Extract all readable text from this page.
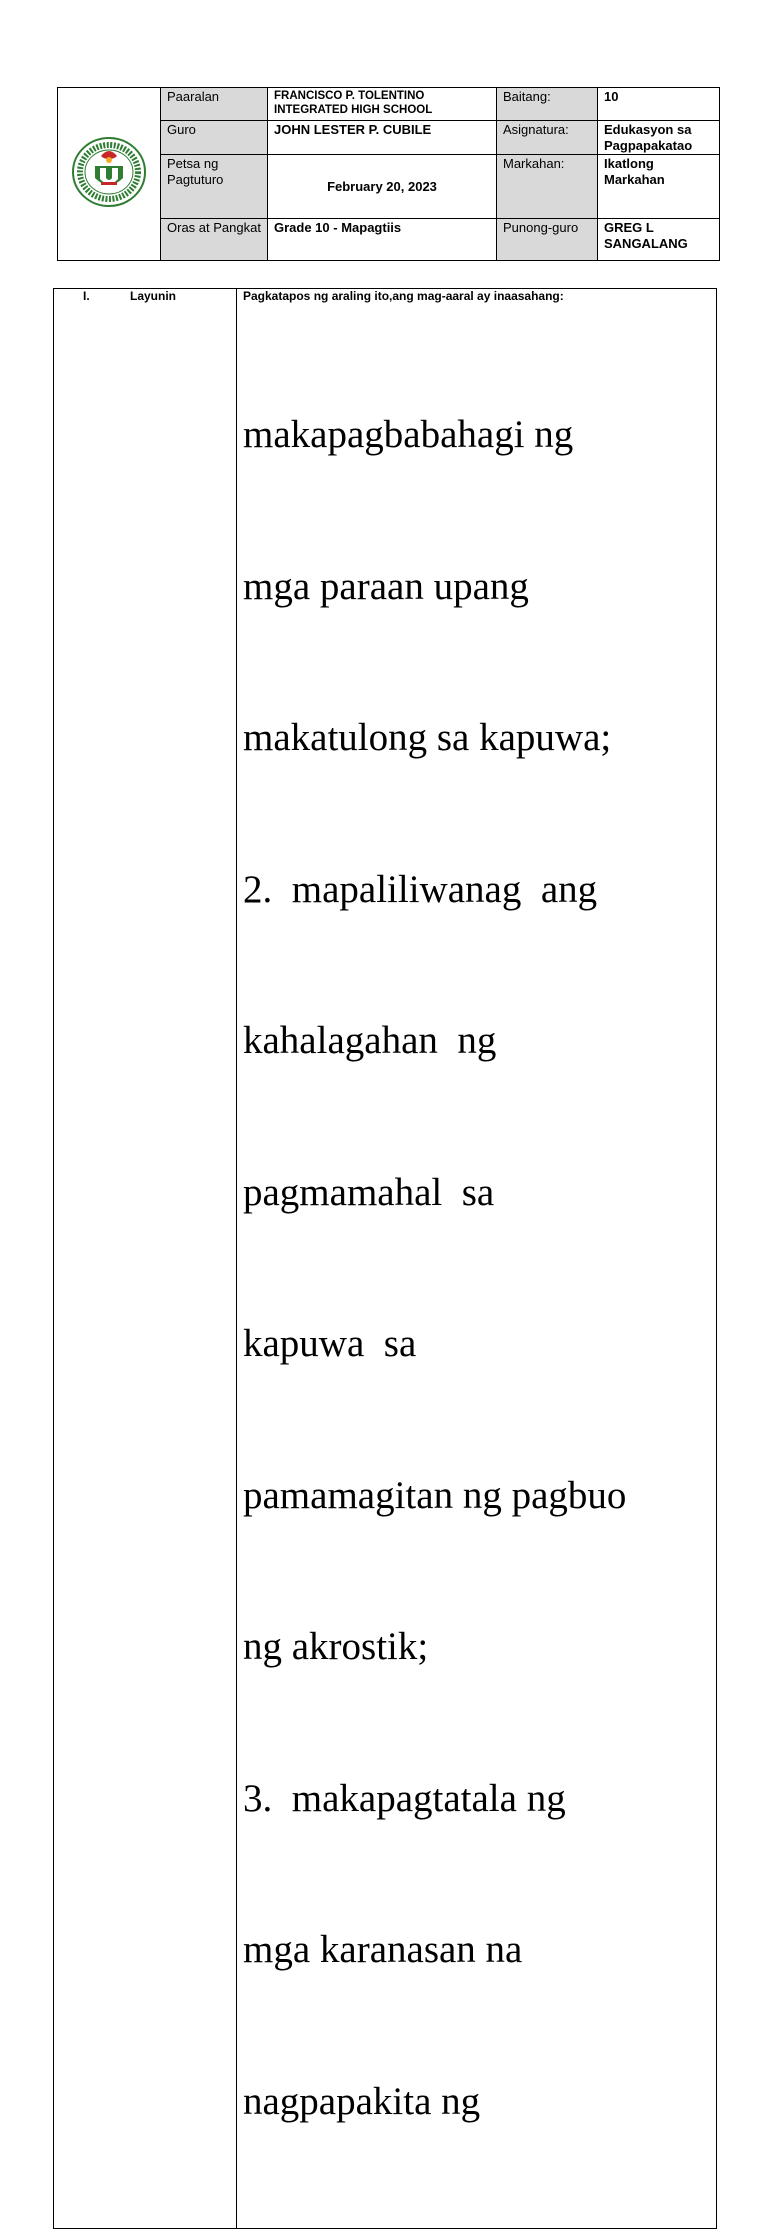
	Paaralan	FRANCISCO P. TOLENTINO INTEGRATED HIGH SCHOOL	Baitang:	10
	Guro	JOHN LESTER P. CUBILE	Asignatura:	Edukasyon sa Pagpapakatao
	Petsa ng Pagtuturo	February 20, 2023	Markahan:	Ikatlong Markahan
	Oras at Pangkat	Grade 10 - Mapagtiis	Punong-guro	GREG L SANGALANG
I.	Layunin	Pagkatapos ng araling ito,ang mag-aaral ay inaasahang:

makapagbabahagi ng

mga paraan upang

makatulong sa kapuwa;

2.  mapaliliwanag  ang

kahalagahan  ng

pagmamahal  sa

kapuwa  sa

pamamagitan ng pagbuo

ng akrostik;

3.  makapagtatala ng

mga karanasan na

nagpapakita ng
